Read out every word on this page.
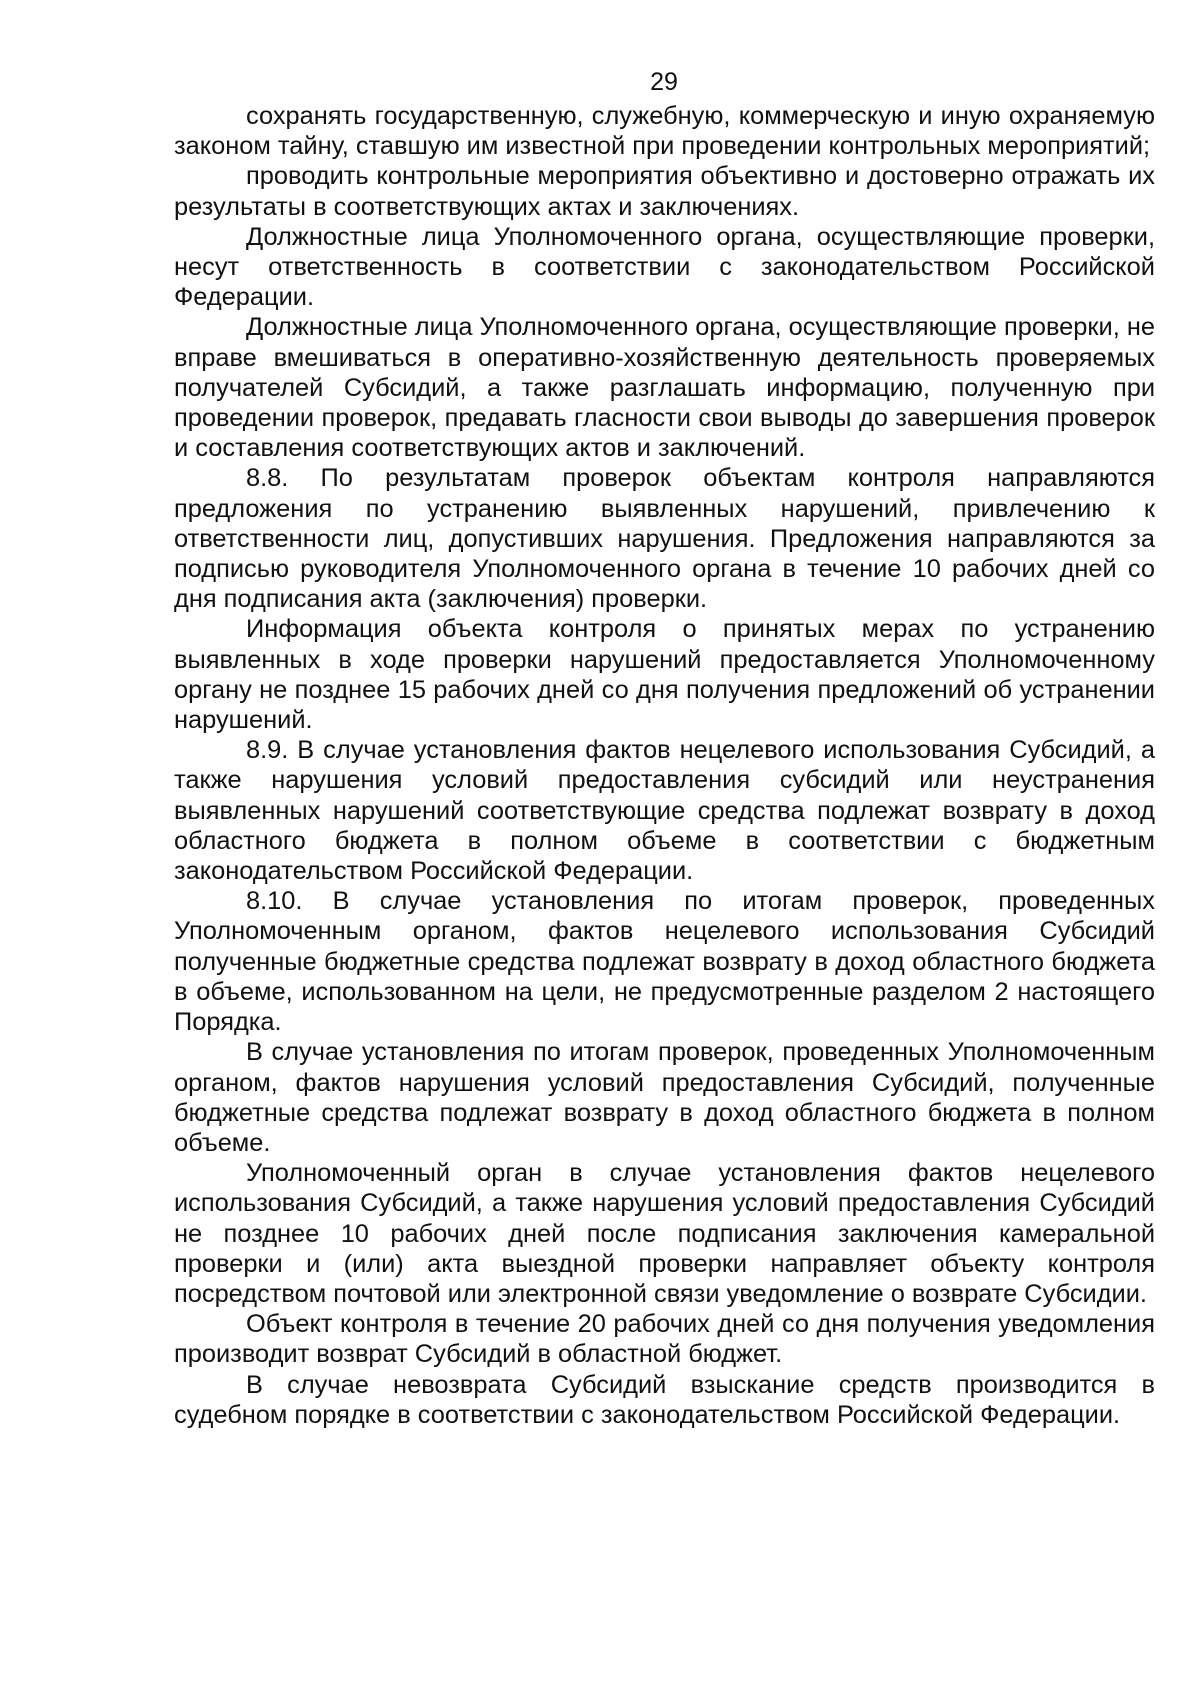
29

сохранять государственную, служебную, коммерческую и иную охраняемую законом тайну, ставшую им известной при проведении контрольных мероприятий;

проводить контрольные мероприятия объективно и достоверно отражать их результаты в соответствующих актах и заключениях.

Должностные лица Уполномоченного органа, осуществляющие проверки, несут ответственность в соответствии с законодательством Российской Федерации.

Должностные лица Уполномоченного органа, осуществляющие проверки, не вправе вмешиваться в оперативно-хозяйственную деятельность проверяемых получателей Субсидий, а также разглашать информацию, полученную при проведении проверок, предавать гласности свои выводы до завершения проверок и составления соответствующих актов и заключений.

8.8. По результатам проверок объектам контроля направляются предложения по устранению выявленных нарушений, привлечению к ответственности лиц, допустивших нарушения. Предложения направляются за подписью руководителя Уполномоченного органа в течение 10 рабочих дней со дня подписания акта (заключения) проверки.

Информация объекта контроля о принятых мерах по устранению выявленных в ходе проверки нарушений предоставляется Уполномоченному органу не позднее 15 рабочих дней со дня получения предложений об устранении нарушений.

8.9. В случае установления фактов нецелевого использования Субсидий, а также нарушения условий предоставления субсидий или неустранения выявленных нарушений соответствующие средства подлежат возврату в доход областного бюджета в полном объеме в соответствии с бюджетным законодательством Российской Федерации.

8.10. В случае установления по итогам проверок, проведенных Уполномоченным органом, фактов нецелевого использования Субсидий полученные бюджетные средства подлежат возврату в доход областного бюджета в объеме, использованном на цели, не предусмотренные разделом 2 настоящего Порядка.

В случае установления по итогам проверок, проведенных Уполномоченным органом, фактов нарушения условий предоставления Субсидий, полученные бюджетные средства подлежат возврату в доход областного бюджета в полном объеме.

Уполномоченный орган в случае установления фактов нецелевого использования Субсидий, а также нарушения условий предоставления Субсидий не позднее 10 рабочих дней после подписания заключения камеральной проверки и (или) акта выездной проверки направляет объекту контроля посредством почтовой или электронной связи уведомление о возврате Субсидии.

Объект контроля в течение 20 рабочих дней со дня получения уведомления производит возврат Субсидий в областной бюджет.

В случае невозврата Субсидий взыскание средств производится в судебном порядке в соответствии с законодательством Российской Федерации.
